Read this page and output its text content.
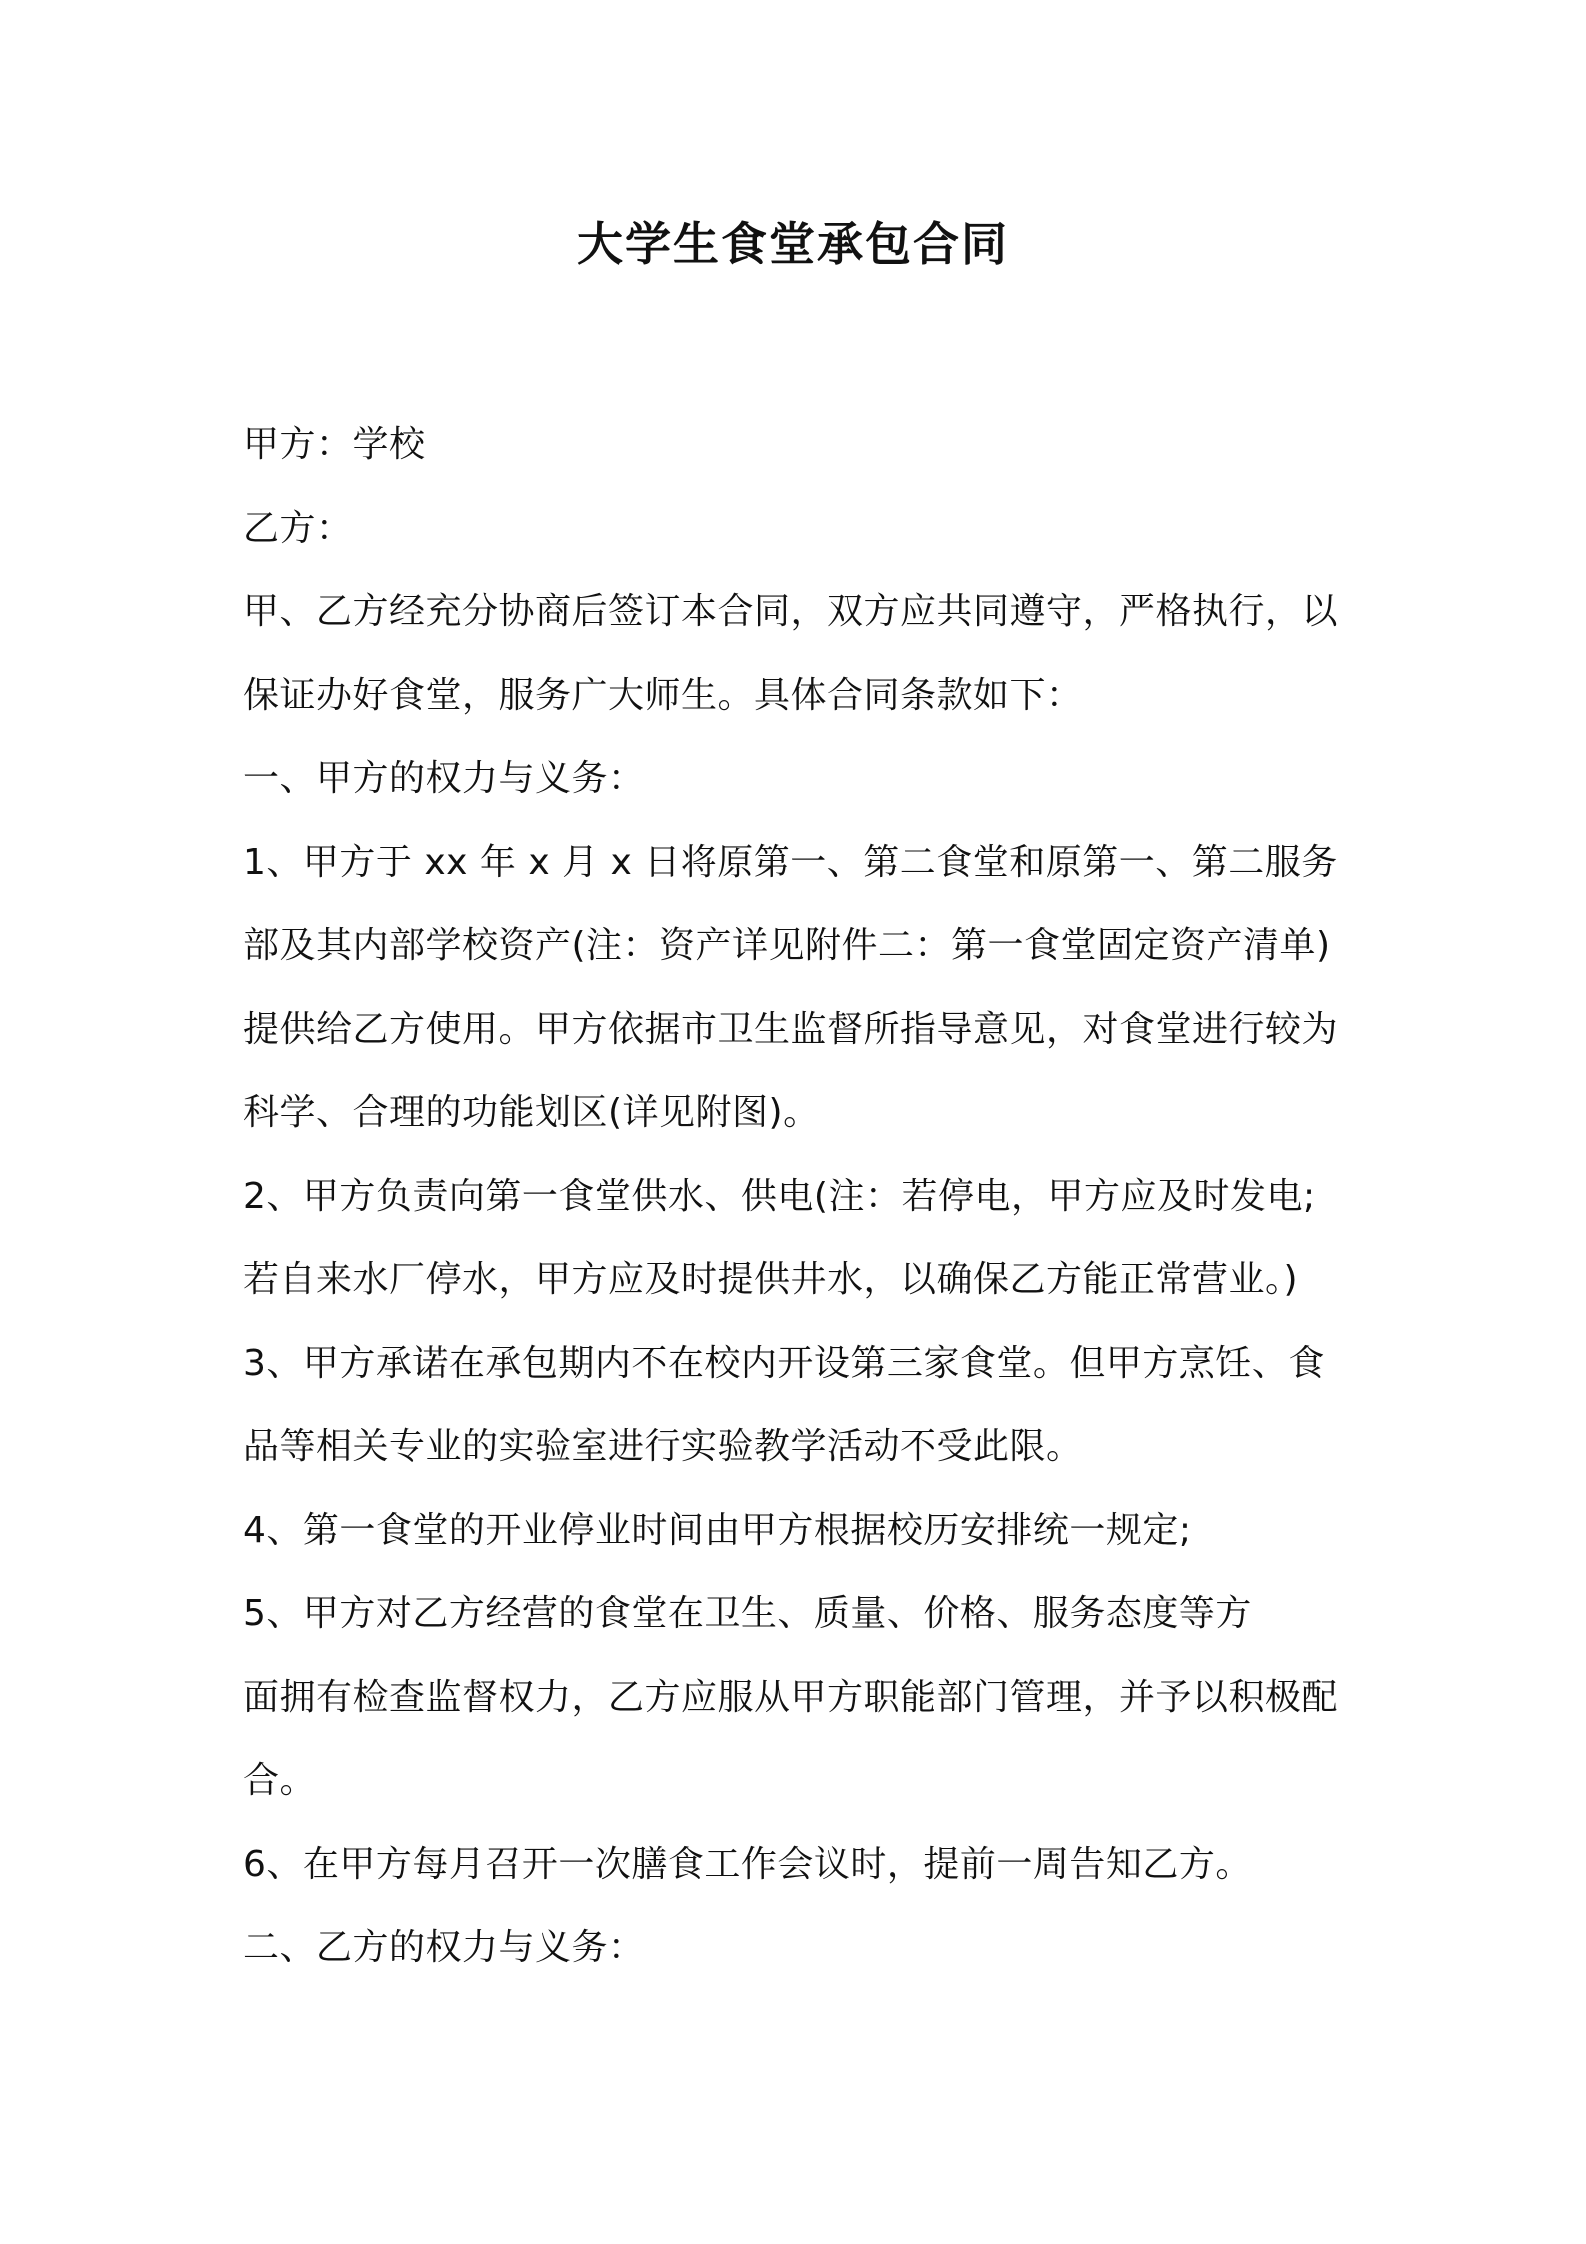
大学生食堂承包合同
甲方：学校
乙方：
甲、乙方经充分协商后签订本合同，双方应共同遵守，严格执行，以
保证办好食堂，服务广大师生。具体合同条款如下：
一、甲方的权力与义务：
1、甲方于 xx 年 x 月 x 日将原第一、第二食堂和原第一、第二服务
部及其内部学校资产(注：资产详见附件二：第一食堂固定资产清单)
提供给乙方使用。甲方依据市卫生监督所指导意见，对食堂进行较为
科学、合理的功能划区(详见附图)。
2、甲方负责向第一食堂供水、供电(注：若停电，甲方应及时发电;
若自来水厂停水，甲方应及时提供井水，以确保乙方能正常营业。)
3、甲方承诺在承包期内不在校内开设第三家食堂。但甲方烹饪、食
品等相关专业的实验室进行实验教学活动不受此限。
4、第一食堂的开业停业时间由甲方根据校历安排统一规定;
5、甲方对乙方经营的食堂在卫生、质量、价格、服务态度等方
面拥有检查监督权力，乙方应服从甲方职能部门管理，并予以积极配
合。
6、在甲方每月召开一次膳食工作会议时，提前一周告知乙方。
二、乙方的权力与义务：
